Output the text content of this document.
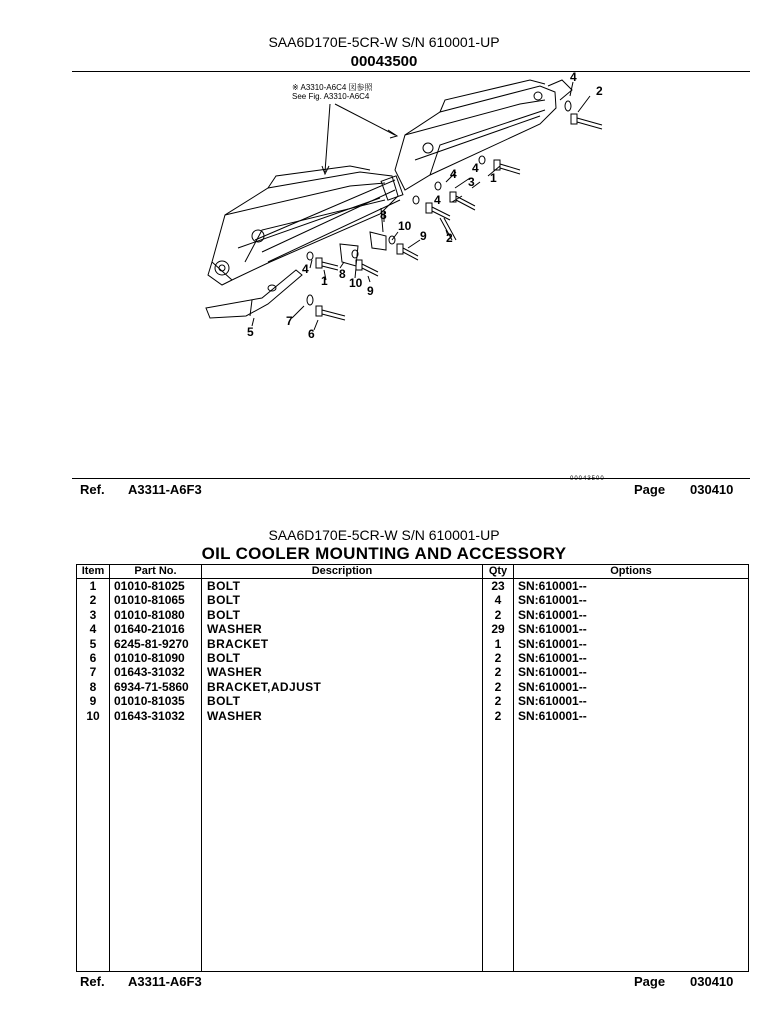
SAA6D170E-5CR-W S/N 610001-UP
00043500
※ A3310-A6C4 図参照
See Fig. A3310-A6C4
4
2
4 4
1
3
4
8
10
9 2
4
1 8
10
9
5
7
6
00043500
Ref. A3311-A6F3	Page 030410
SAA6D170E-5CR-W S/N 610001-UP
OIL COOLER MOUNTING AND ACCESSORY
Item	Part No.	Description	Qty	Options
1	01010-81025 BOLT	23	SN:610001--
2	01010-81065 BOLT	4	SN:610001--
3	01010-81080 BOLT	2	SN:610001--
4	01640-21016 WASHER	29	SN:610001--
5	6245-81-9270 BRACKET	1	SN:610001--
6	01010-81090 BOLT	2	SN:610001--
7	01643-31032 WASHER	2	SN:610001--
8	6934-71-5860 BRACKET,ADJUST	2	SN:610001--
9	01010-81035 BOLT	2	SN:610001--
10	01643-31032 WASHER	2	SN:610001--
Ref. A3311-A6F3	Page 030410
